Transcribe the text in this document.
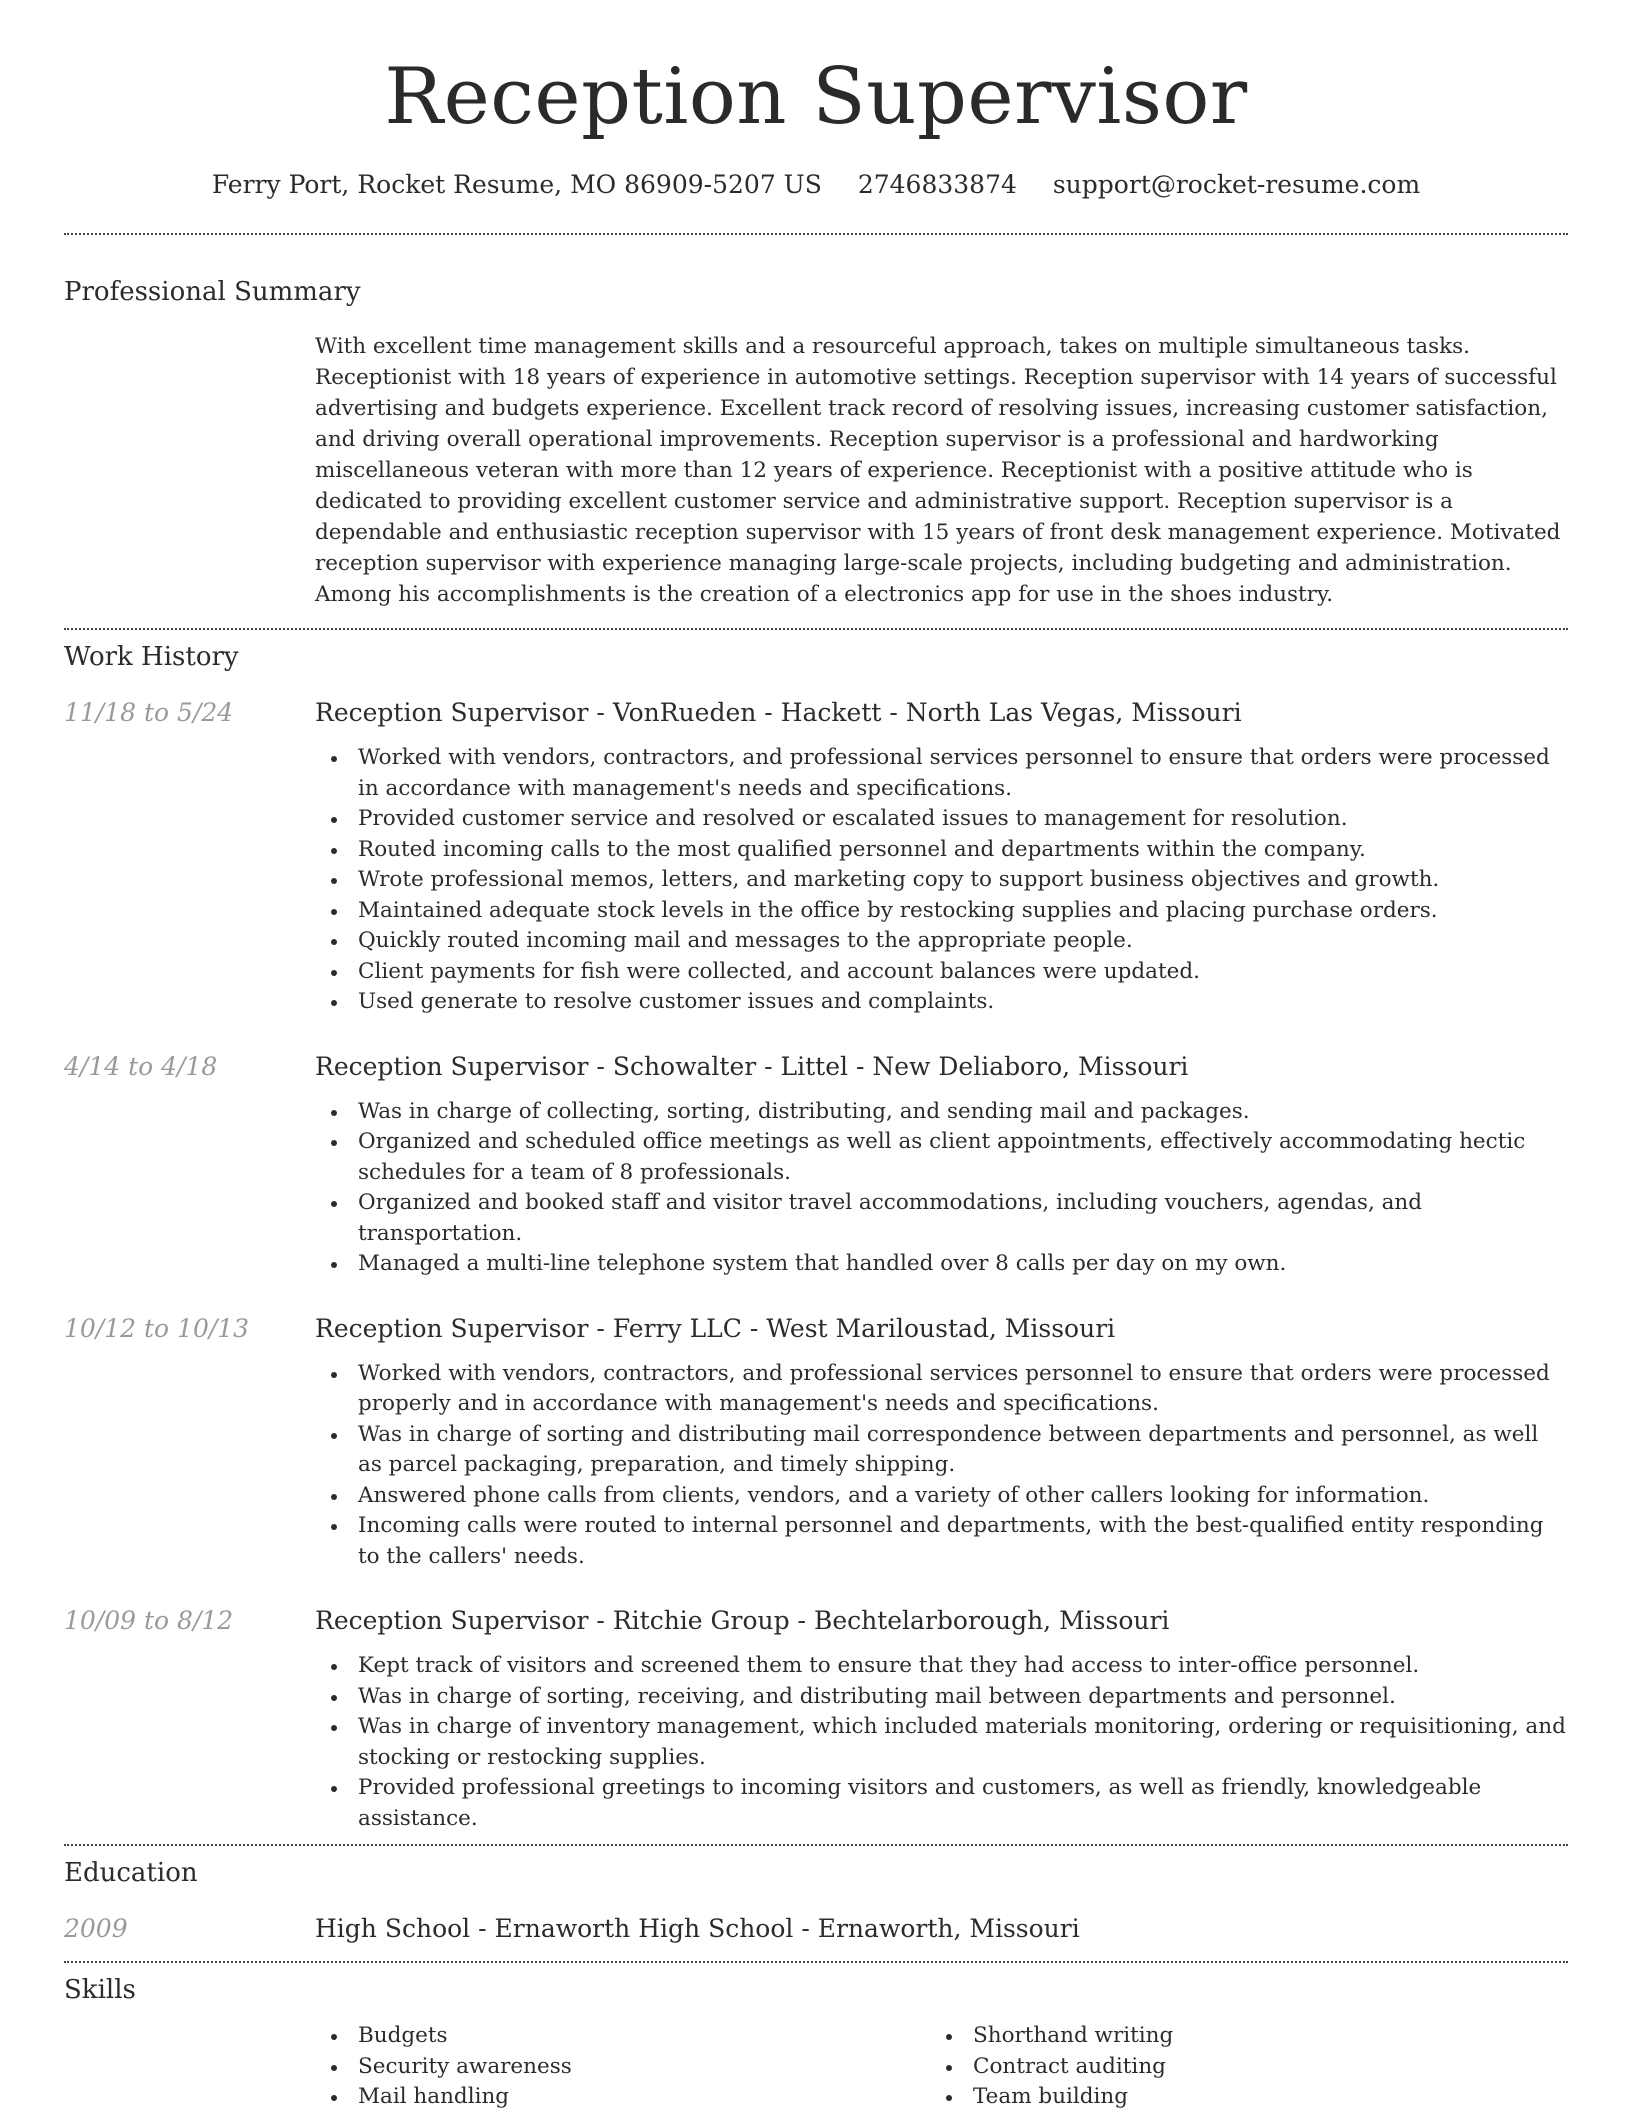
Reception Supervisor
Ferry Port, Rocket Resume, MO 86909-5207 US 2746833874 support@rocket-resume.com
Professional Summary
With excellent time management skills and a resourceful approach, takes on multiple simultaneous tasks. Receptionist with 18 years of experience in automotive settings. Reception supervisor with 14 years of successful advertising and budgets experience. Excellent track record of resolving issues, increasing customer satisfaction, and driving overall operational improvements. Reception supervisor is a professional and hardworking miscellaneous veteran with more than 12 years of experience. Receptionist with a positive attitude who is dedicated to providing excellent customer service and administrative support. Reception supervisor is a dependable and enthusiastic reception supervisor with 15 years of front desk management experience. Motivated reception supervisor with experience managing large-scale projects, including budgeting and administration. Among his accomplishments is the creation of a electronics app for use in the shoes industry.
Work History
11/18 to 5/24	Reception Supervisor - VonRueden - Hackett - North Las Vegas, Missouri
Worked with vendors, contractors, and professional services personnel to ensure that orders were processed in accordance with management's needs and specifications.
Provided customer service and resolved or escalated issues to management for resolution.
Routed incoming calls to the most qualified personnel and departments within the company.
Wrote professional memos, letters, and marketing copy to support business objectives and growth.
Maintained adequate stock levels in the office by restocking supplies and placing purchase orders.
Quickly routed incoming mail and messages to the appropriate people.
Client payments for fish were collected, and account balances were updated.
Used generate to resolve customer issues and complaints.
4/14 to 4/18	Reception Supervisor - Schowalter - Littel - New Deliaboro, Missouri
Was in charge of collecting, sorting, distributing, and sending mail and packages.
Organized and scheduled office meetings as well as client appointments, effectively accommodating hectic schedules for a team of 8 professionals.
Organized and booked staff and visitor travel accommodations, including vouchers, agendas, and transportation.
Managed a multi-line telephone system that handled over 8 calls per day on my own.
10/12 to 10/13	Reception Supervisor - Ferry LLC - West Mariloustad, Missouri
Worked with vendors, contractors, and professional services personnel to ensure that orders were processed properly and in accordance with management's needs and specifications.
Was in charge of sorting and distributing mail correspondence between departments and personnel, as well as parcel packaging, preparation, and timely shipping.
Answered phone calls from clients, vendors, and a variety of other callers looking for information.
Incoming calls were routed to internal personnel and departments, with the best-qualified entity responding to the callers' needs.
10/09 to 8/12	Reception Supervisor - Ritchie Group - Bechtelarborough, Missouri
Kept track of visitors and screened them to ensure that they had access to inter-office personnel.
Was in charge of sorting, receiving, and distributing mail between departments and personnel.
Was in charge of inventory management, which included materials monitoring, ordering or requisitioning, and stocking or restocking supplies.
Provided professional greetings to incoming visitors and customers, as well as friendly, knowledgeable assistance.
Education
2009	High School - Ernaworth High School - Ernaworth, Missouri
Skills
Budgets
Security awareness
Mail handling
Shorthand writing
Contract auditing
Team building
